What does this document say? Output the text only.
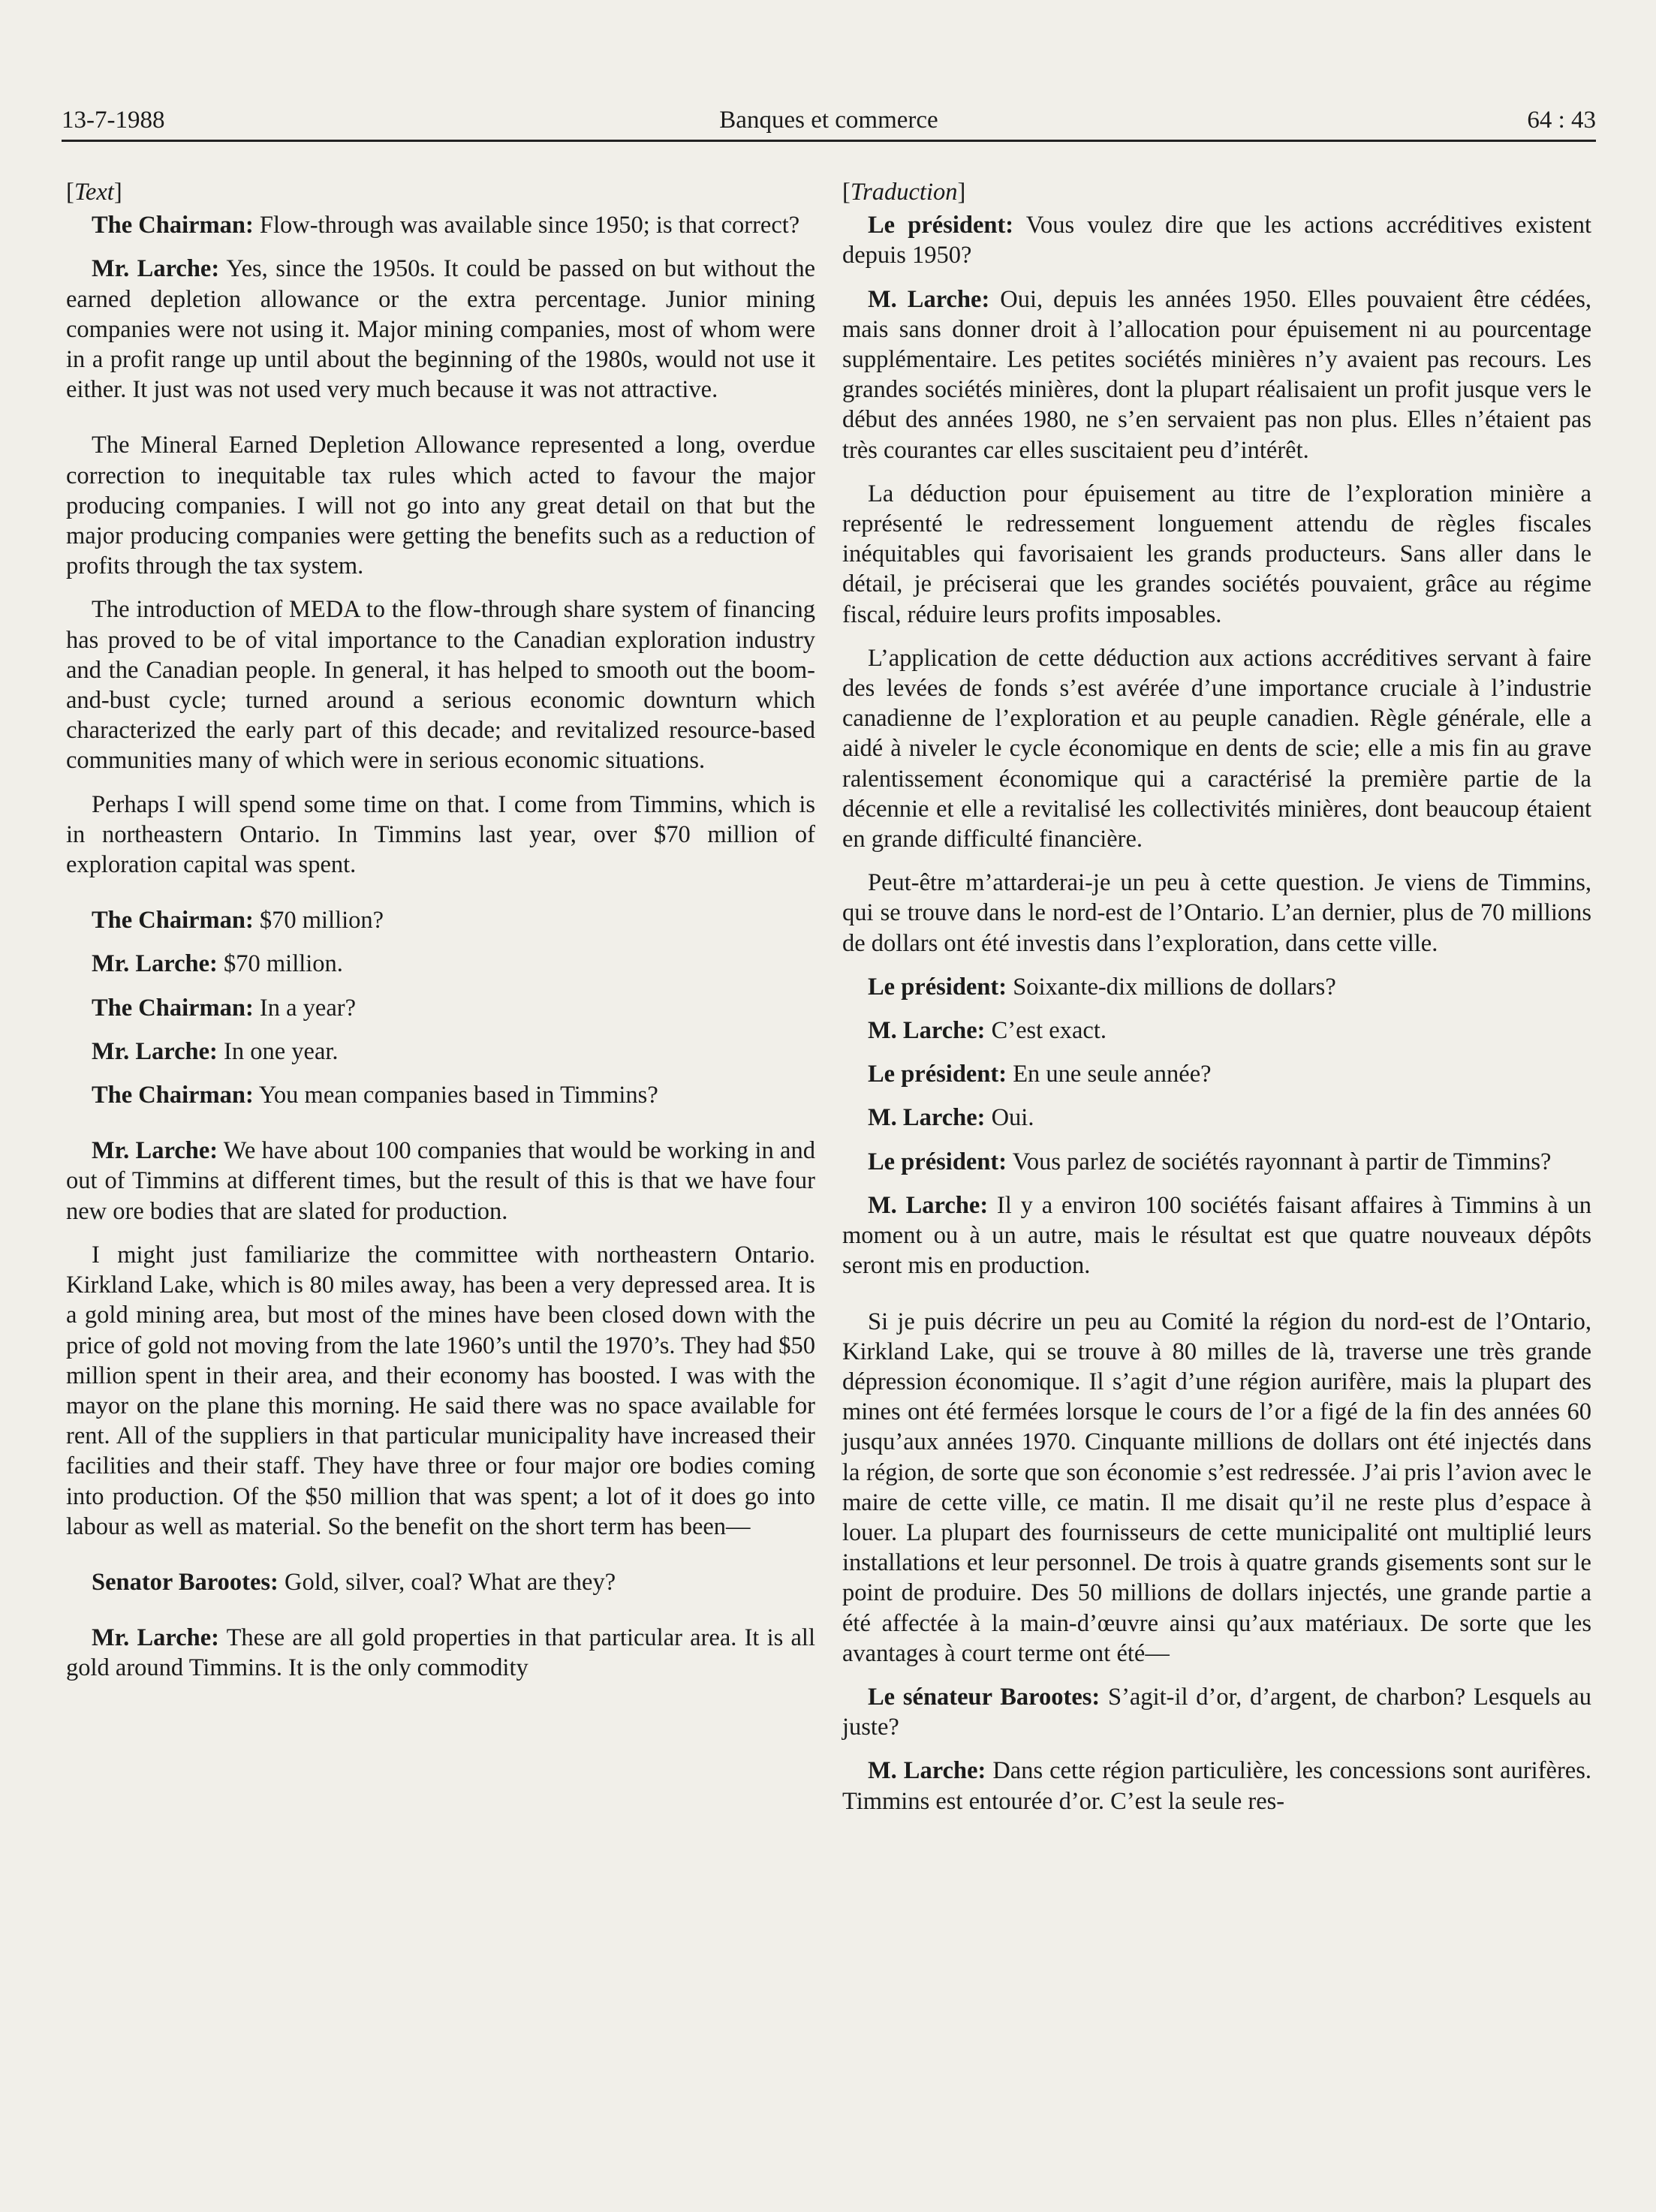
13-7-1988	Banques et commerce	64 : 43

[Text]

The Chairman: Flow-through was available since 1950; is that correct?

Mr. Larche: Yes, since the 1950s. It could be passed on but without the earned depletion allowance or the extra percentage. Junior mining companies were not using it. Major mining companies, most of whom were in a profit range up until about the beginning of the 1980s, would not use it either. It just was not used very much because it was not attractive.

The Mineral Earned Depletion Allowance represented a long, overdue correction to inequitable tax rules which acted to favour the major producing companies. I will not go into any great detail on that but the major producing companies were getting the benefits such as a reduction of profits through the tax system.

The introduction of MEDA to the flow-through share system of financing has proved to be of vital importance to the Canadian exploration industry and the Canadian people. In general, it has helped to smooth out the boom-and-bust cycle; turned around a serious economic downturn which characterized the early part of this decade; and revitalized resource-based communities many of which were in serious economic situations.

Perhaps I will spend some time on that. I come from Timmins, which is in northeastern Ontario. In Timmins last year, over $70 million of exploration capital was spent.

The Chairman: $70 million?

Mr. Larche: $70 million.

The Chairman: In a year?

Mr. Larche: In one year.

The Chairman: You mean companies based in Timmins?

Mr. Larche: We have about 100 companies that would be working in and out of Timmins at different times, but the result of this is that we have four new ore bodies that are slated for production.

I might just familiarize the committee with northeastern Ontario. Kirkland Lake, which is 80 miles away, has been a very depressed area. It is a gold mining area, but most of the mines have been closed down with the price of gold not moving from the late 1960’s until the 1970’s. They had $50 million spent in their area, and their economy has boosted. I was with the mayor on the plane this morning. He said there was no space available for rent. All of the suppliers in that particular municipality have increased their facilities and their staff. They have three or four major ore bodies coming into production. Of the $50 million that was spent; a lot of it does go into labour as well as material. So the benefit on the short term has been—

Senator Barootes: Gold, silver, coal? What are they?

Mr. Larche: These are all gold properties in that particular area. It is all gold around Timmins. It is the only commodity

[Traduction]

Le président: Vous voulez dire que les actions accréditives existent depuis 1950?

M. Larche: Oui, depuis les années 1950. Elles pouvaient être cédées, mais sans donner droit à l’allocation pour épuisement ni au pourcentage supplémentaire. Les petites sociétés minières n’y avaient pas recours. Les grandes sociétés minières, dont la plupart réalisaient un profit jusque vers le début des années 1980, ne s’en servaient pas non plus. Elles n’étaient pas très courantes car elles suscitaient peu d’intérêt.

La déduction pour épuisement au titre de l’exploration minière a représenté le redressement longuement attendu de règles fiscales inéquitables qui favorisaient les grands producteurs. Sans aller dans le détail, je préciserai que les grandes sociétés pouvaient, grâce au régime fiscal, réduire leurs profits imposables.

L’application de cette déduction aux actions accréditives servant à faire des levées de fonds s’est avérée d’une importance cruciale à l’industrie canadienne de l’exploration et au peuple canadien. Règle générale, elle a aidé à niveler le cycle économique en dents de scie; elle a mis fin au grave ralentissement économique qui a caractérisé la première partie de la décennie et elle a revitalisé les collectivités minières, dont beaucoup étaient en grande difficulté financière.

Peut-être m’attarderai-je un peu à cette question. Je viens de Timmins, qui se trouve dans le nord-est de l’Ontario. L’an dernier, plus de 70 millions de dollars ont été investis dans l’exploration, dans cette ville.

Le président: Soixante-dix millions de dollars?

M. Larche: C’est exact.

Le président: En une seule année?

M. Larche: Oui.

Le président: Vous parlez de sociétés rayonnant à partir de Timmins?

M. Larche: Il y a environ 100 sociétés faisant affaires à Timmins à un moment ou à un autre, mais le résultat est que quatre nouveaux dépôts seront mis en production.

Si je puis décrire un peu au Comité la région du nord-est de l’Ontario, Kirkland Lake, qui se trouve à 80 milles de là, traverse une très grande dépression économique. Il s’agit d’une région aurifère, mais la plupart des mines ont été fermées lorsque le cours de l’or a figé de la fin des années 60 jusqu’aux années 1970. Cinquante millions de dollars ont été injectés dans la région, de sorte que son économie s’est redressée. J’ai pris l’avion avec le maire de cette ville, ce matin. Il me disait qu’il ne reste plus d’espace à louer. La plupart des fournisseurs de cette municipalité ont multiplié leurs installations et leur personnel. De trois à quatre grands gisements sont sur le point de produire. Des 50 millions de dollars injectés, une grande partie a été affectée à la main-d’œuvre ainsi qu’aux matériaux. De sorte que les avantages à court terme ont été—

Le sénateur Barootes: S’agit-il d’or, d’argent, de charbon? Lesquels au juste?

M. Larche: Dans cette région particulière, les concessions sont aurifères. Timmins est entourée d’or. C’est la seule res-
